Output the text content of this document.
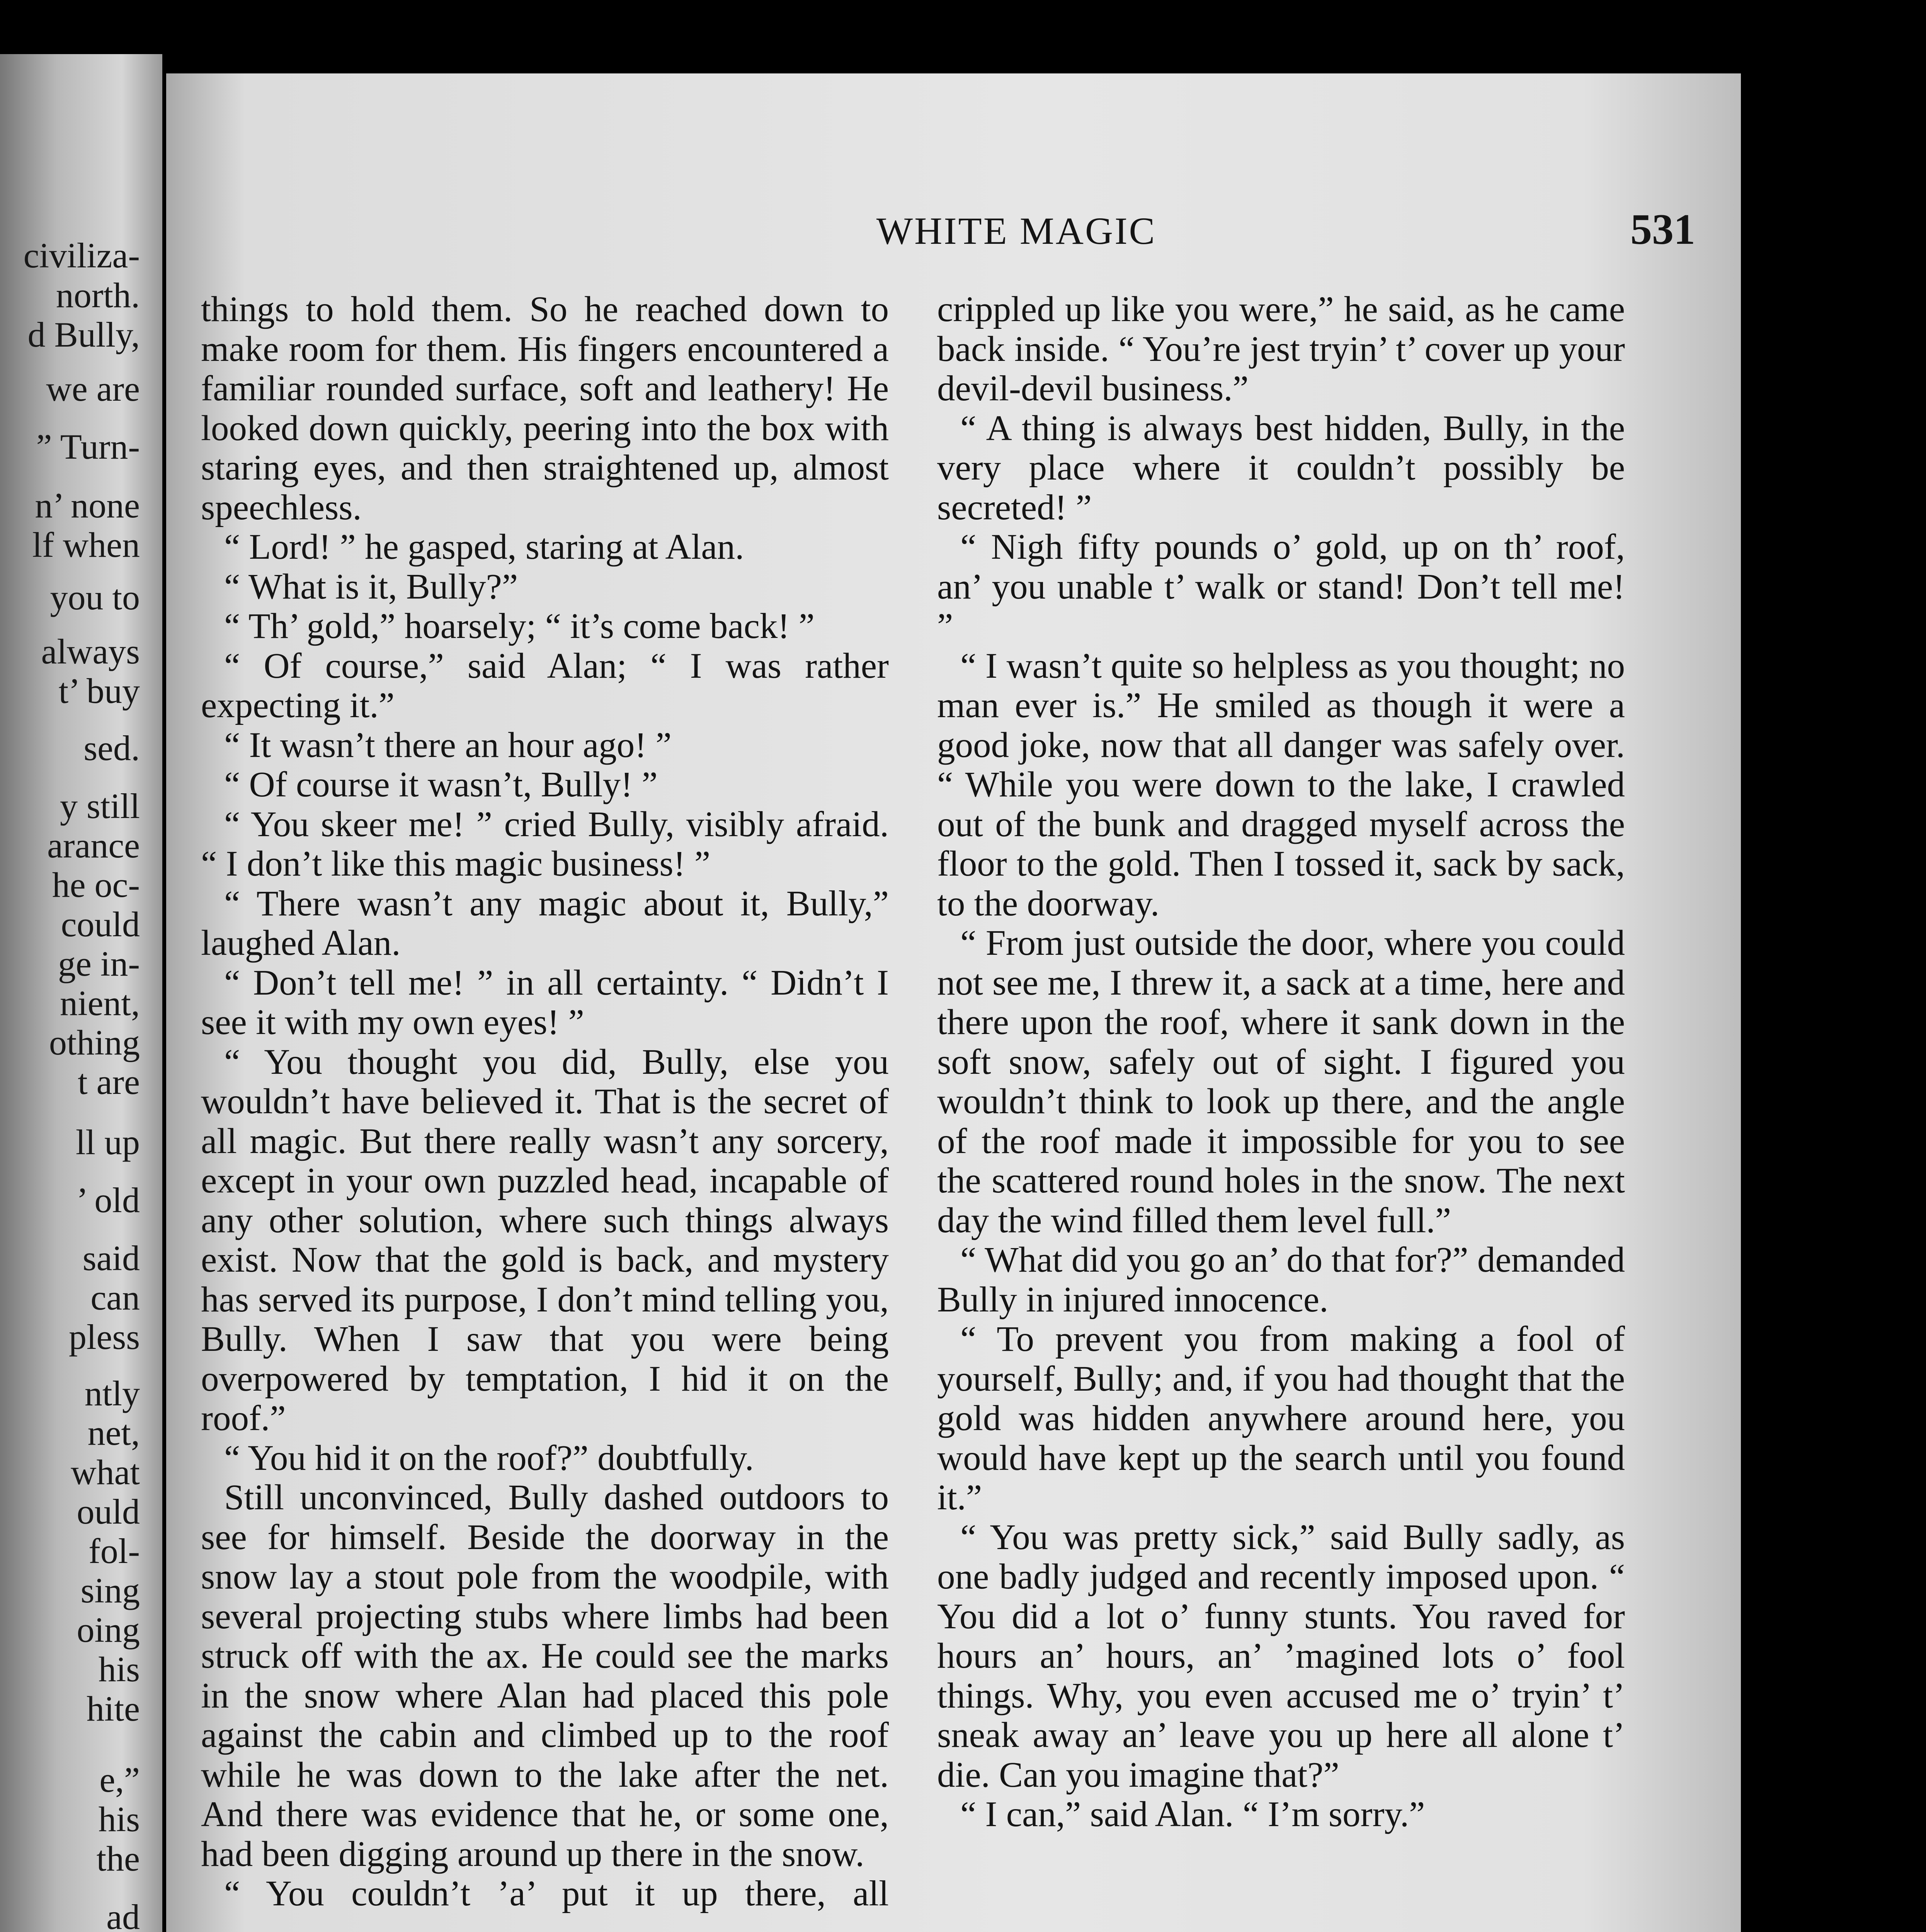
civiliza-
north.
d Bully,
we are
” Turn-
n’ none
lf when
you to
always
t’ buy
sed.
y still
arance
he oc-
could
ge in-
nient,
othing
t are
ll up
’ old
said
can
pless
ntly
net,
what
ould
fol-
sing
oing
his
hite
e,”
his
the
ad
WHITE MAGIC	531

things to hold them. So he reached down to make room for them. His fingers encountered a familiar rounded surface, soft and leathery! He looked down quickly, peering into the box with staring eyes, and then straightened up, almost speechless.

“ Lord! ” he gasped, staring at Alan.

“ What is it, Bully?”

“ Th’ gold,” hoarsely; “ it’s come back! ”

“ Of course,” said Alan; “ I was rather expecting it.”

“ It wasn’t there an hour ago! ”

“ Of course it wasn’t, Bully! ”

“ You skeer me! ” cried Bully, visibly afraid. “ I don’t like this magic business! ”

“ There wasn’t any magic about it, Bully,” laughed Alan.

“ Don’t tell me! ” in all certainty. “ Didn’t I see it with my own eyes! ”

“ You thought you did, Bully, else you wouldn’t have believed it. That is the secret of all magic. But there really wasn’t any sorcery, except in your own puzzled head, incapable of any other solution, where such things always exist. Now that the gold is back, and mystery has served its purpose, I don’t mind telling you, Bully. When I saw that you were being overpowered by temptation, I hid it on the roof.”

“ You hid it on the roof?” doubtfully.

Still unconvinced, Bully dashed outdoors to see for himself. Beside the doorway in the snow lay a stout pole from the woodpile, with several projecting stubs where limbs had been struck off with the ax. He could see the marks in the snow where Alan had placed this pole against the cabin and climbed up to the roof while he was down to the lake after the net. And there was evidence that he, or some one, had been digging around up there in the snow.

“ You couldn’t ’a’ put it up there, all

crippled up like you were,” he said, as he came back inside. “ You’re jest tryin’ t’ cover up your devil-devil business.”

“ A thing is always best hidden, Bully, in the very place where it couldn’t possibly be secreted! ”

“ Nigh fifty pounds o’ gold, up on th’ roof, an’ you unable t’ walk or stand! Don’t tell me! ”

“ I wasn’t quite so helpless as you thought; no man ever is.” He smiled as though it were a good joke, now that all danger was safely over. “ While you were down to the lake, I crawled out of the bunk and dragged myself across the floor to the gold. Then I tossed it, sack by sack, to the doorway.

“ From just outside the door, where you could not see me, I threw it, a sack at a time, here and there upon the roof, where it sank down in the soft snow, safely out of sight. I figured you wouldn’t think to look up there, and the angle of the roof made it impossible for you to see the scattered round holes in the snow. The next day the wind filled them level full.”

“ What did you go an’ do that for?” demanded Bully in injured innocence.

“ To prevent you from making a fool of yourself, Bully; and, if you had thought that the gold was hidden anywhere around here, you would have kept up the search until you found it.”

“ You was pretty sick,” said Bully sadly, as one badly judged and recently imposed upon. “ You did a lot o’ funny stunts. You raved for hours an’ hours, an’ ’magined lots o’ fool things. Why, you even accused me o’ tryin’ t’ sneak away an’ leave you up here all alone t’ die. Can you imagine that?”

“ I can,” said Alan. “ I’m sorry.”
